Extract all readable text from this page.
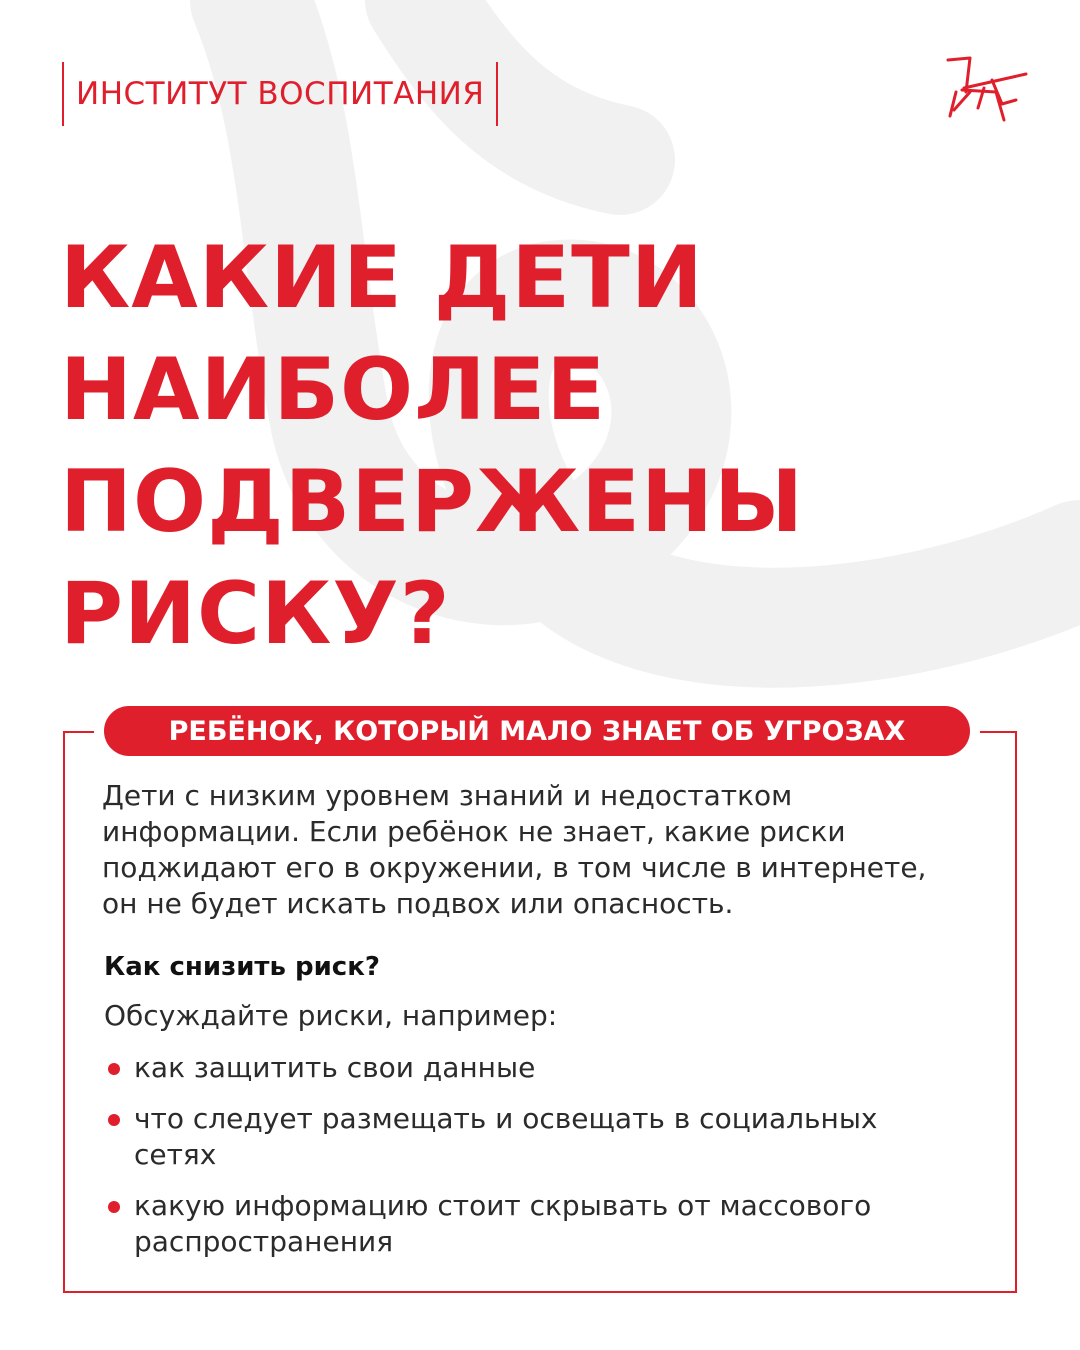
ИНСТИТУТ ВОСПИТАНИЯ
КАКИЕ ДЕТИ
НАИБОЛЕЕ
ПОДВЕРЖЕНЫ
РИСКУ?
РЕБЁНОК, КОТОРЫЙ МАЛО ЗНАЕТ ОБ УГРОЗАХ
Дети с низким уровнем знаний и недостатком
информации. Если ребёнок не знает, какие риски
поджидают его в окружении, в том числе в интернете,
он не будет искать подвох или опасность.
Как снизить риск?
Обсуждайте риски, например:
как защитить свои данные
что следует размещать и освещать в социальных
сетях
какую информацию стоит скрывать от массового
распространения
